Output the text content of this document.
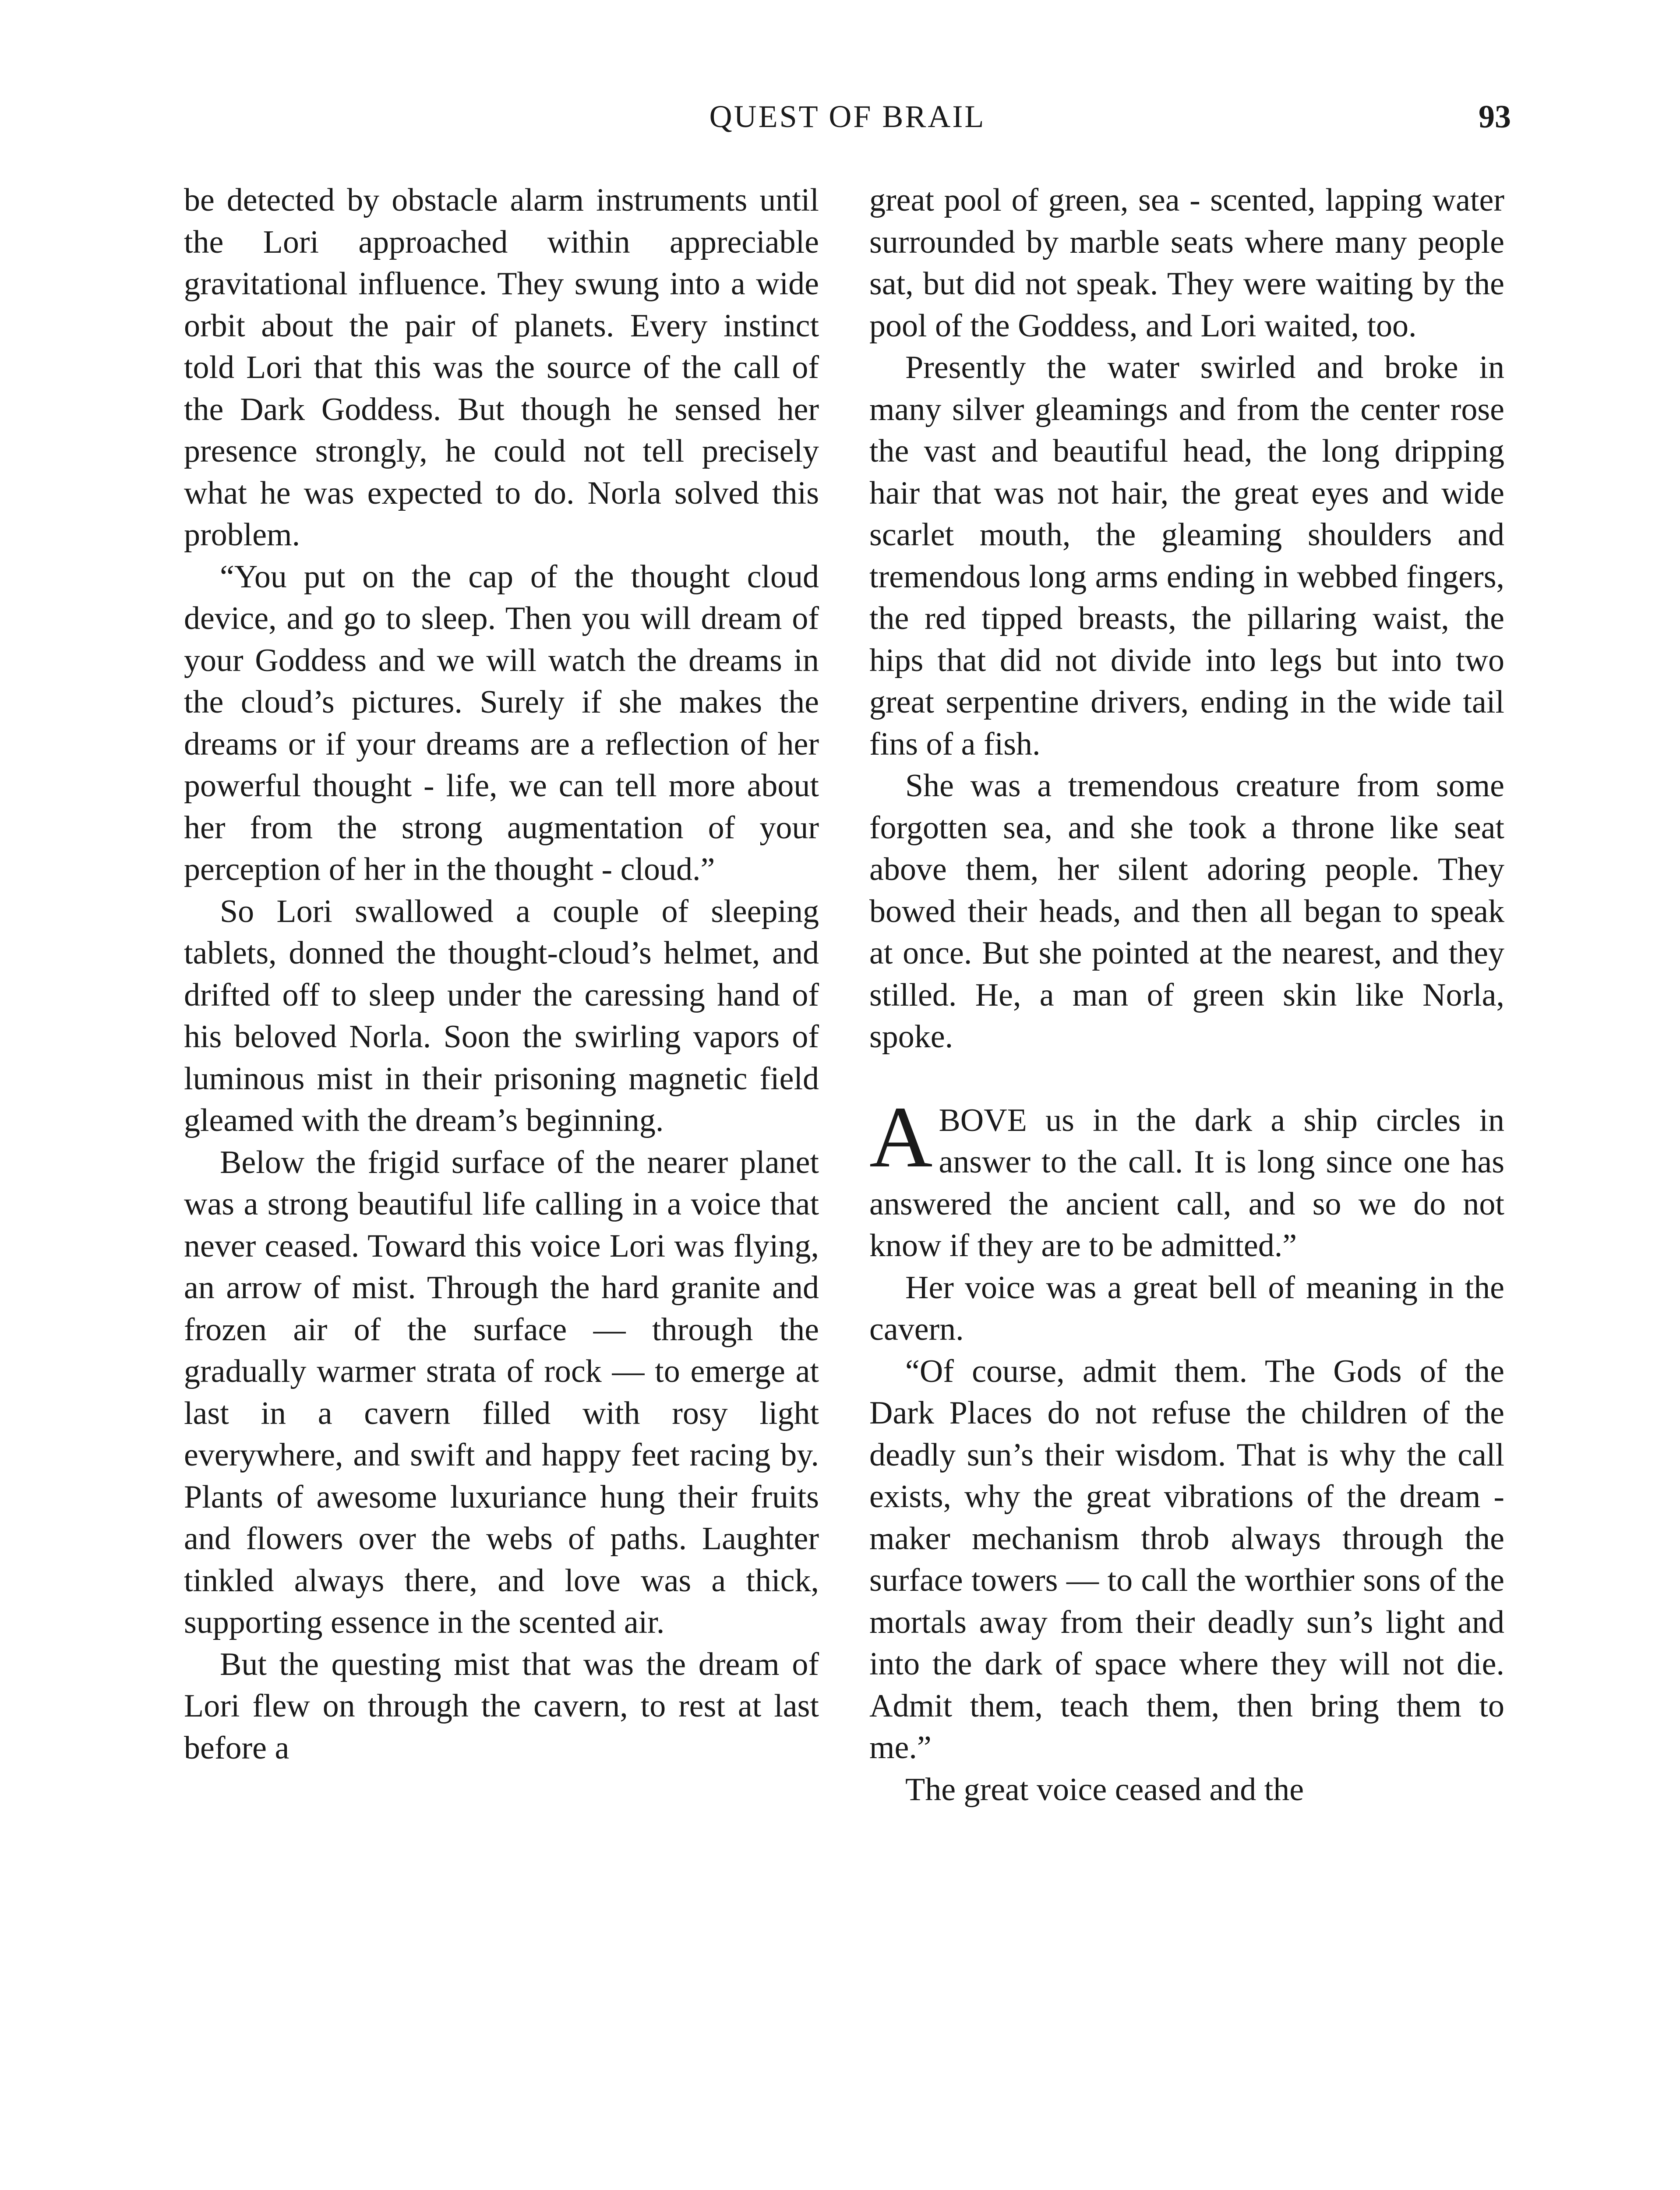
QUEST OF BRAIL	93

be detected by obstacle alarm instruments until the Lori approached within appreciable gravitational influence. They swung into a wide orbit about the pair of planets. Every instinct told Lori that this was the source of the call of the Dark Goddess. But though he sensed her presence strongly, he could not tell precisely what he was expected to do. Norla solved this problem.

“You put on the cap of the thought cloud device, and go to sleep. Then you will dream of your Goddess and we will watch the dreams in the cloud’s pictures. Surely if she makes the dreams or if your dreams are a reflection of her powerful thought - life, we can tell more about her from the strong augmentation of your perception of her in the thought - cloud.”

So Lori swallowed a couple of sleeping tablets, donned the thought-cloud’s helmet, and drifted off to sleep under the caressing hand of his beloved Norla. Soon the swirling vapors of luminous mist in their prisoning magnetic field gleamed with the dream’s beginning.

Below the frigid surface of the nearer planet was a strong beautiful life calling in a voice that never ceased. Toward this voice Lori was flying, an arrow of mist. Through the hard granite and frozen air of the surface — through the gradually warmer strata of rock — to emerge at last in a cavern filled with rosy light everywhere, and swift and happy feet racing by. Plants of awesome luxuriance hung their fruits and flowers over the webs of paths. Laughter tinkled always there, and love was a thick, supporting essence in the scented air.

But the questing mist that was the dream of Lori flew on through the cavern, to rest at last before a

great pool of green, sea - scented, lapping water surrounded by marble seats where many people sat, but did not speak. They were waiting by the pool of the Goddess, and Lori waited, too.

Presently the water swirled and broke in many silver gleamings and from the center rose the vast and beautiful head, the long dripping hair that was not hair, the great eyes and wide scarlet mouth, the gleaming shoulders and tremendous long arms ending in webbed fingers, the red tipped breasts, the pillaring waist, the hips that did not divide into legs but into two great serpentine drivers, ending in the wide tail fins of a fish.

She was a tremendous creature from some forgotten sea, and she took a throne like seat above them, her silent adoring people. They bowed their heads, and then all began to speak at once. But she pointed at the nearest, and they stilled. He, a man of green skin like Norla, spoke.

ABOVE us in the dark a ship circles in answer to the call. It is long since one has answered the ancient call, and so we do not know if they are to be admitted.”

Her voice was a great bell of meaning in the cavern.

“Of course, admit them. The Gods of the Dark Places do not refuse the children of the deadly sun’s their wisdom. That is why the call exists, why the great vibrations of the dream - maker mechanism throb always through the surface towers — to call the worthier sons of the mortals away from their deadly sun’s light and into the dark of space where they will not die. Admit them, teach them, then bring them to me.”

The great voice ceased and the
